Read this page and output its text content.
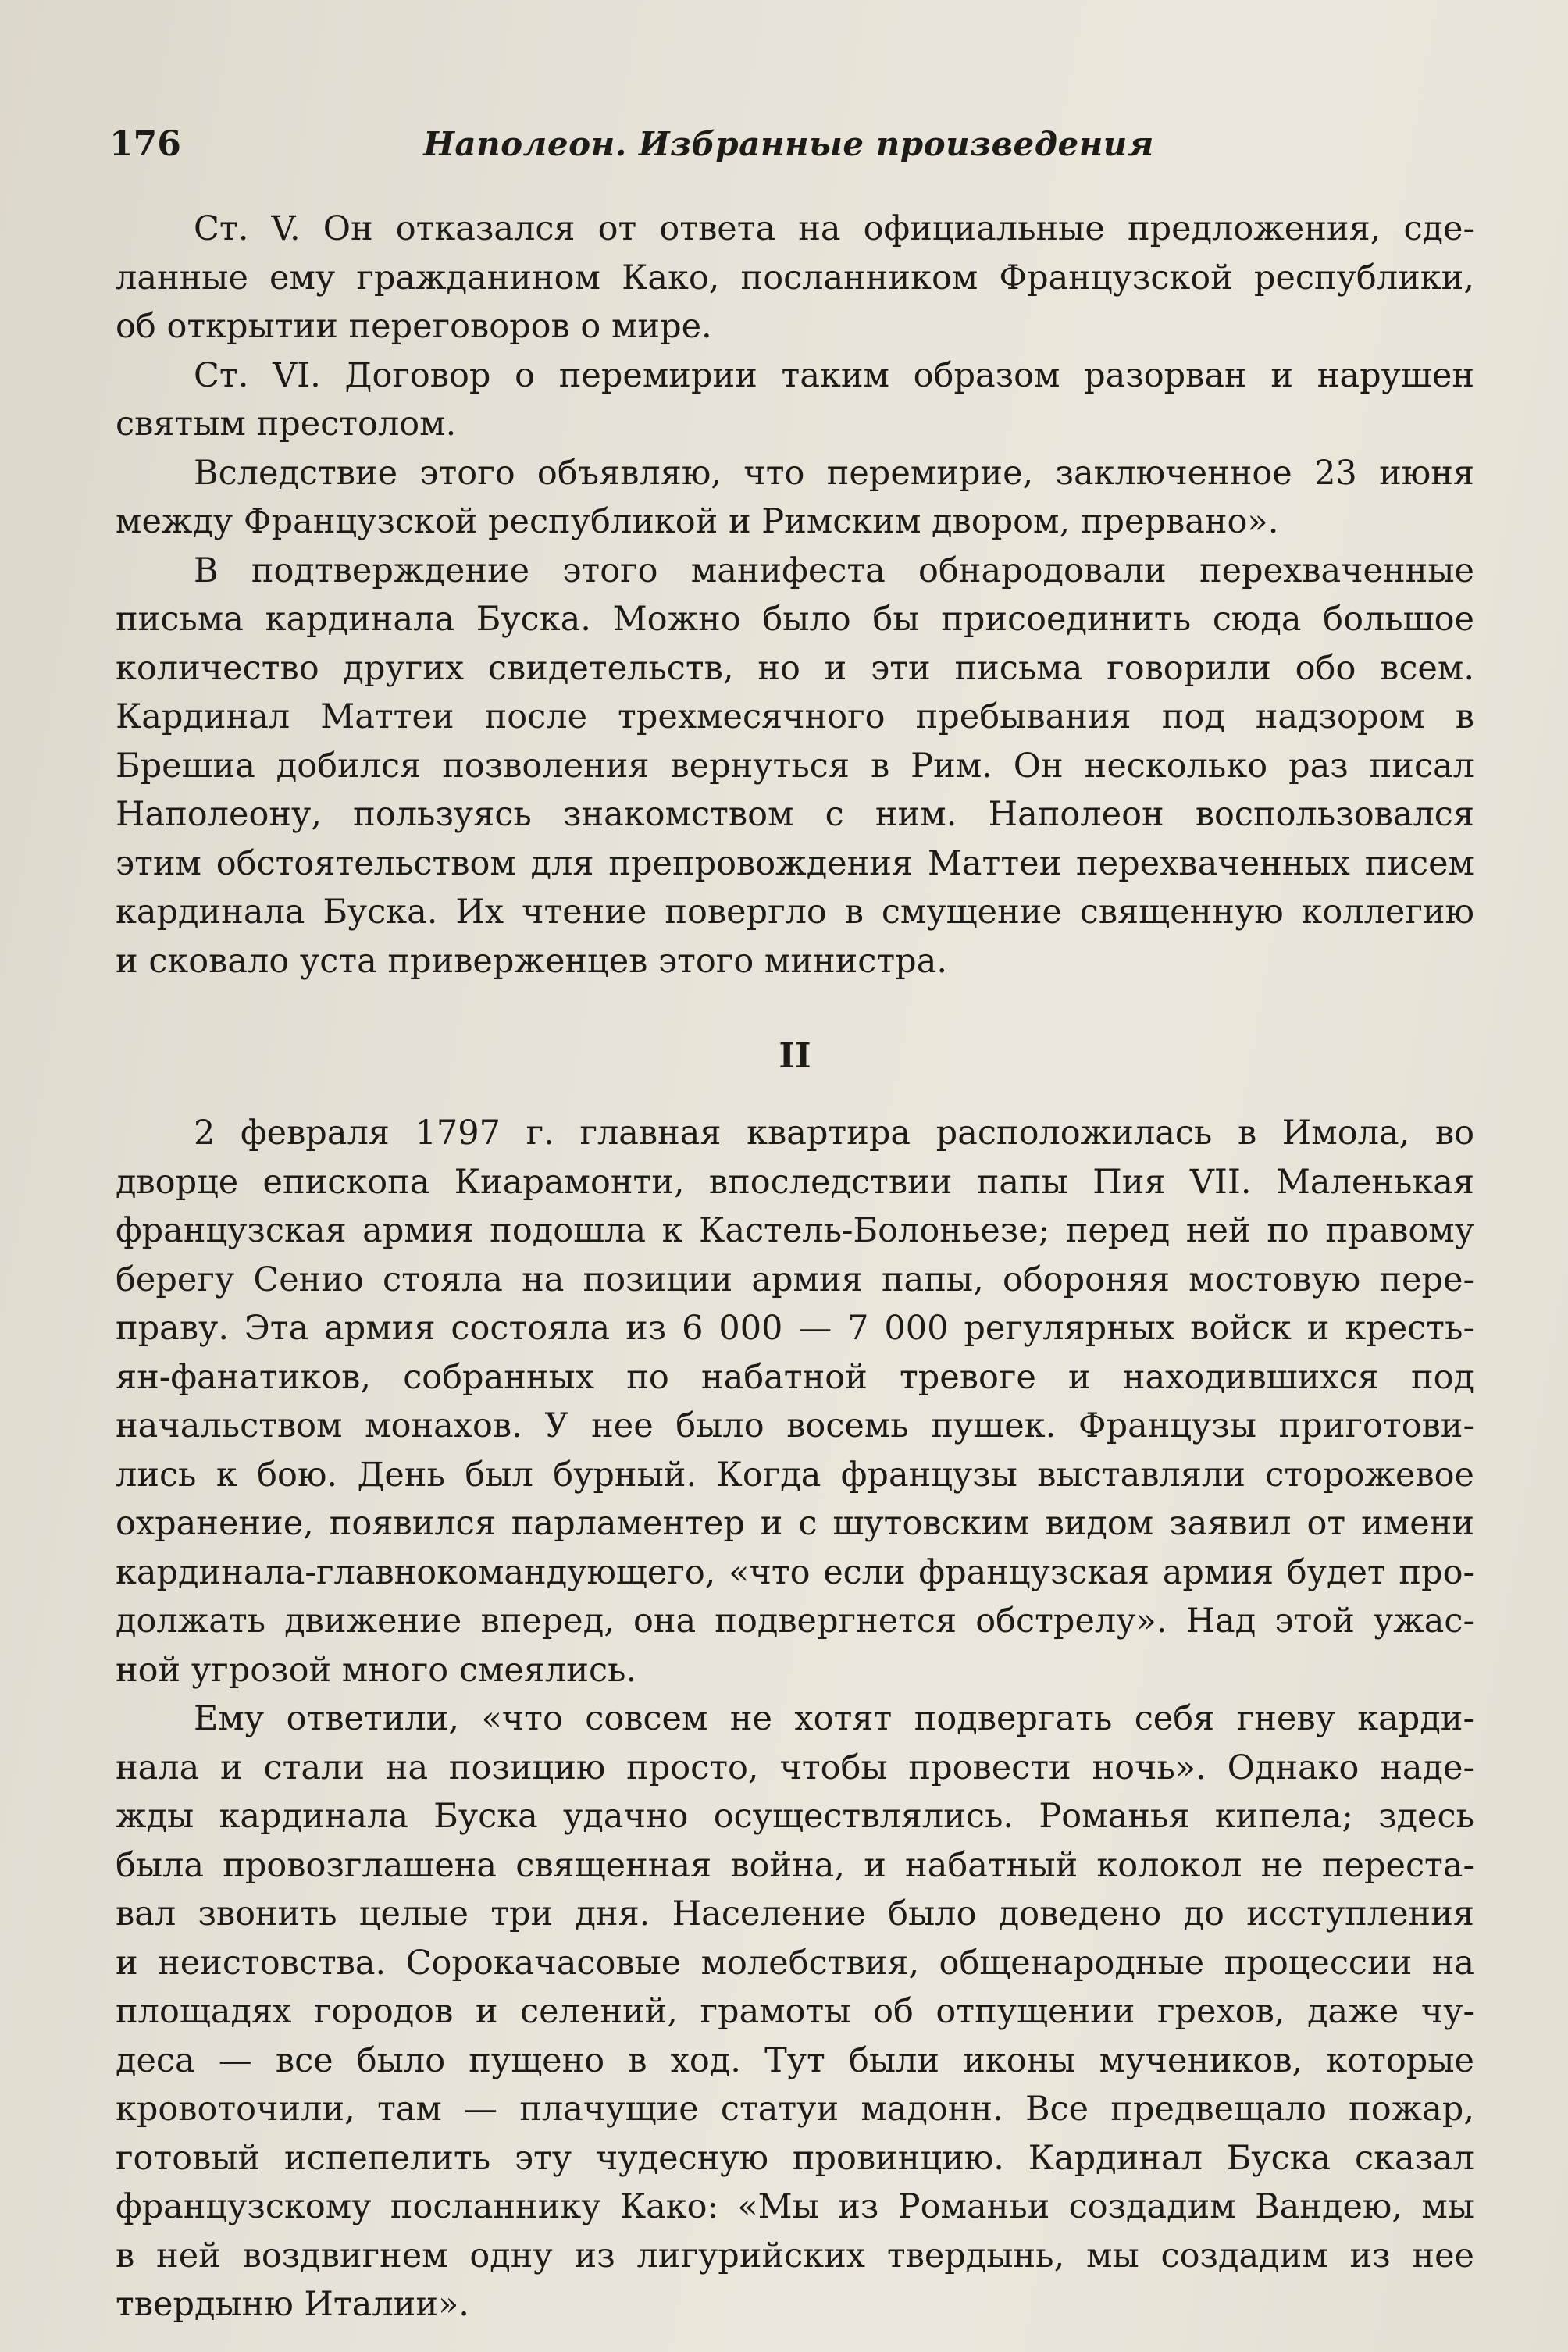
176	Наполеон. Избранные произведения
Ст. V. Он отказался от ответа на официальные предложения, сде-
ланные ему гражданином Како, посланником Французской республики,
об открытии переговоров о мире.
Ст. VI. Договор о перемирии таким образом разорван и нарушен
святым престолом.
Вследствие этого объявляю, что перемирие, заключенное 23 июня
между Французской республикой и Римским двором, прервано».
В подтверждение этого манифеста обнародовали перехваченные
письма кардинала Буска. Можно было бы присоединить сюда большое
количество других свидетельств, но и эти письма говорили обо всем.
Кардинал Маттеи после трехмесячного пребывания под надзором в
Брешиа добился позволения вернуться в Рим. Он несколько раз писал
Наполеону, пользуясь знакомством с ним. Наполеон воспользовался
этим обстоятельством для препровождения Маттеи перехваченных писем
кардинала Буска. Их чтение повергло в смущение священную коллегию
и сковало уста приверженцев этого министра.
II
2 февраля 1797 г. главная квартира расположилась в Имола, во
дворце епископа Киарамонти, впоследствии папы Пия VII. Маленькая
французская армия подошла к Кастель-Болоньезе; перед ней по правому
берегу Сенио стояла на позиции армия папы, обороняя мостовую пере-
праву. Эта армия состояла из 6 000 — 7 000 регулярных войск и кресть-
ян-фанатиков, собранных по набатной тревоге и находившихся под
начальством монахов. У нее было восемь пушек. Французы приготови-
лись к бою. День был бурный. Когда французы выставляли сторожевое
охранение, появился парламентер и с шутовским видом заявил от имени
кардинала-главнокомандующего, «что если французская армия будет про-
должать движение вперед, она подвергнется обстрелу». Над этой ужас-
ной угрозой много смеялись.
Ему ответили, «что совсем не хотят подвергать себя гневу карди-
нала и стали на позицию просто, чтобы провести ночь». Однако наде-
жды кардинала Буска удачно осуществлялись. Романья кипела; здесь
была провозглашена священная война, и набатный колокол не переста-
вал звонить целые три дня. Население было доведено до исступления
и неистовства. Сорокачасовые молебствия, общенародные процессии на
площадях городов и селений, грамоты об отпущении грехов, даже чу-
деса — все было пущено в ход. Тут были иконы мучеников, которые
кровоточили, там — плачущие статуи мадонн. Все предвещало пожар,
готовый испепелить эту чудесную провинцию. Кардинал Буска сказал
французскому посланнику Како: «Мы из Романьи создадим Вандею, мы
в ней воздвигнем одну из лигурийских твердынь, мы создадим из нее
твердыню Италии».
